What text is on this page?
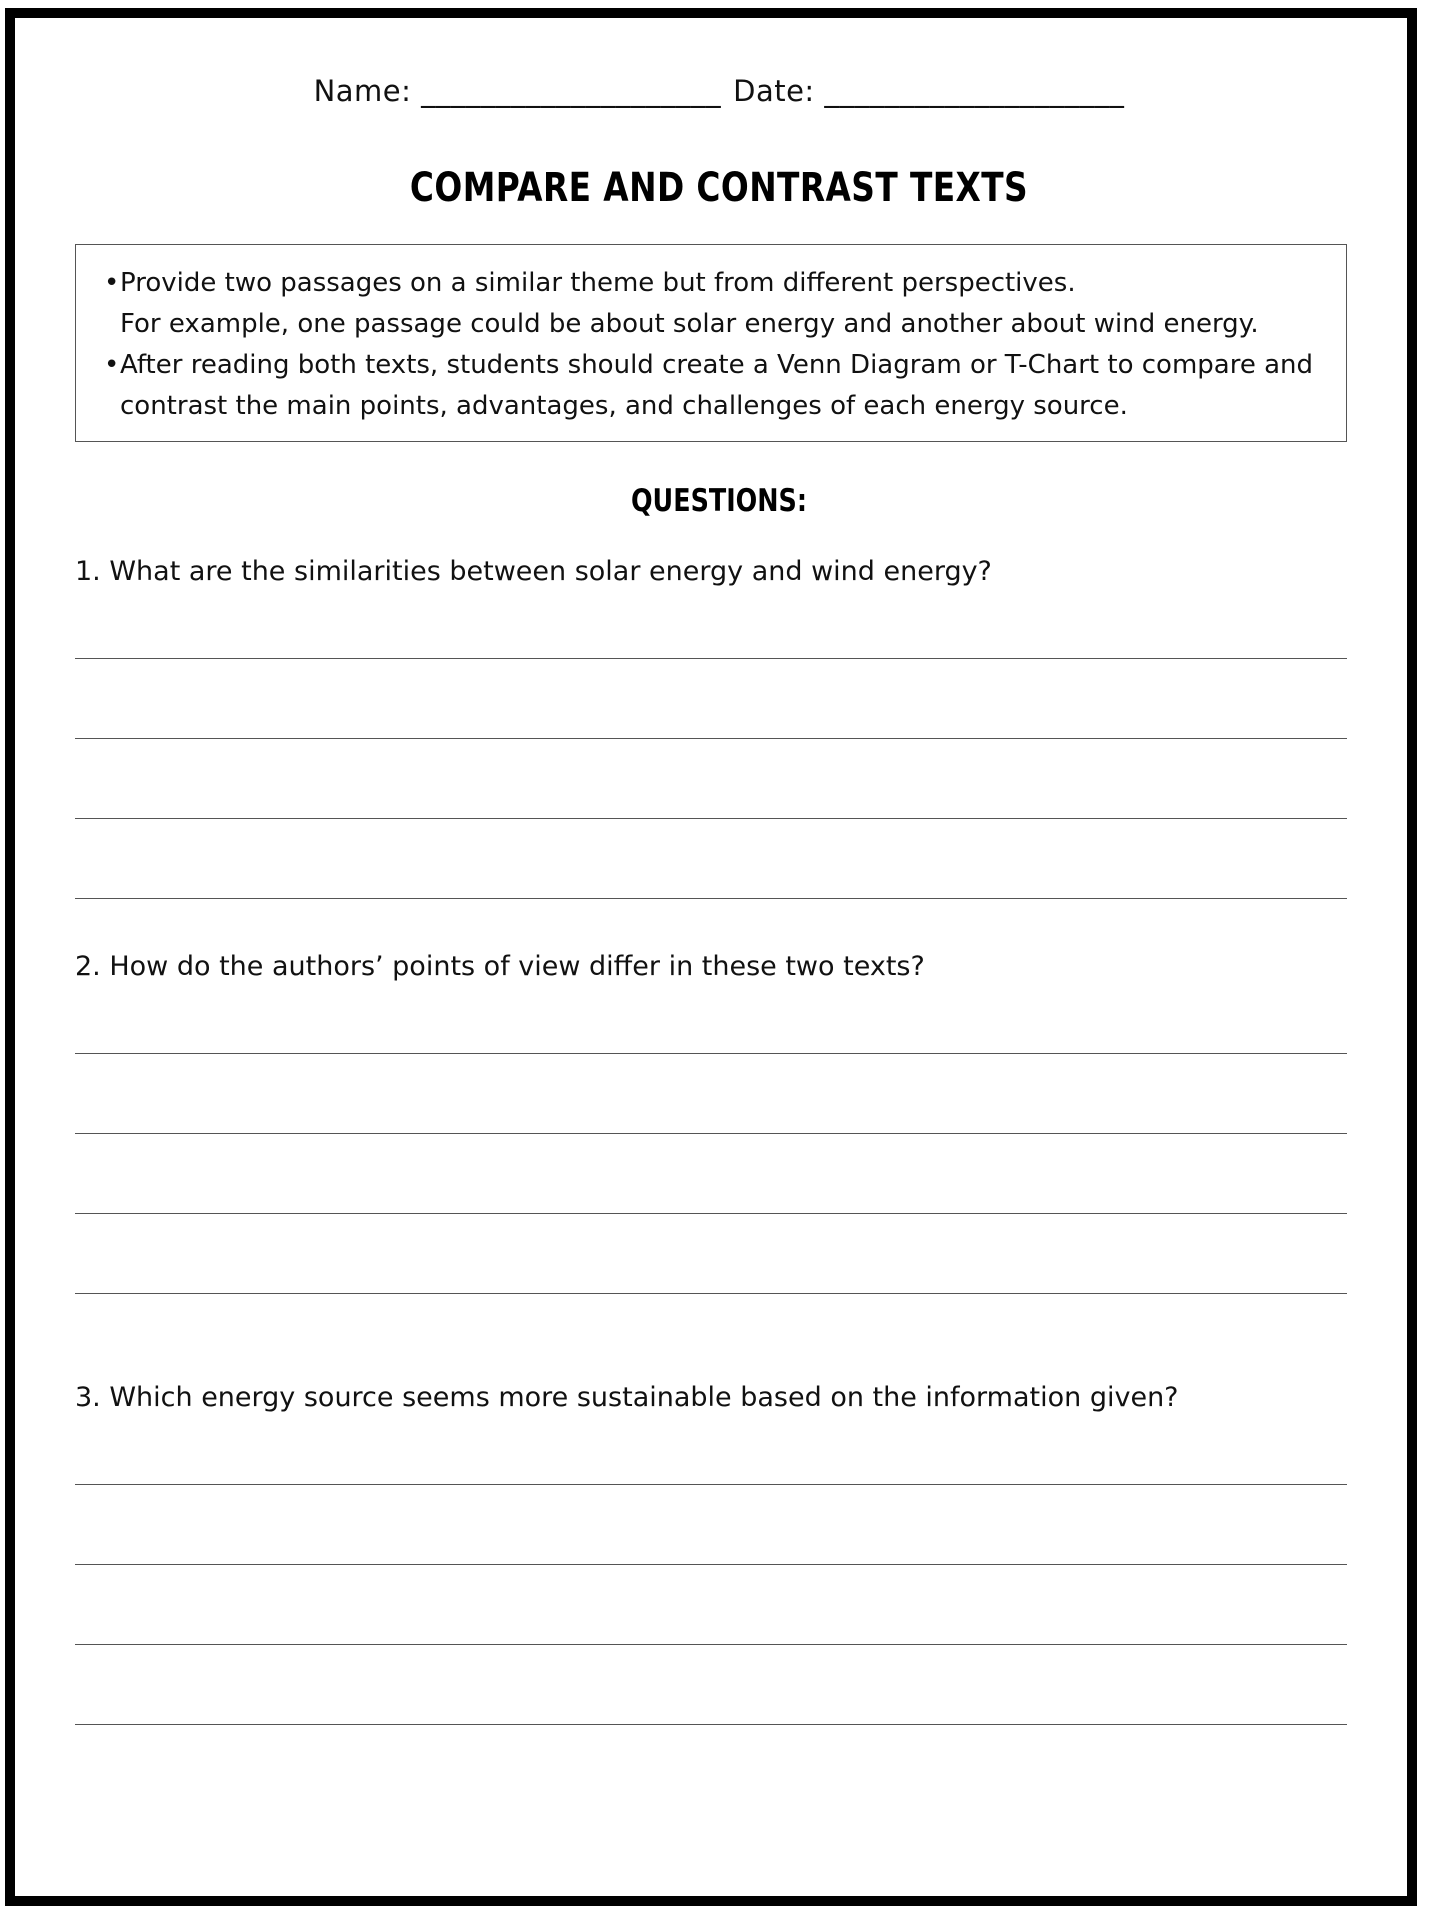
Name: ____________________ Date: ____________________
COMPARE AND CONTRAST TEXTS
• Provide two passages on a similar theme but from different perspectives.
For example, one passage could be about solar energy and another about wind energy.
• After reading both texts, students should create a Venn Diagram or T-Chart to compare and
contrast the main points, advantages, and challenges of each energy source.
QUESTIONS:
1. What are the similarities between solar energy and wind energy?
2. How do the authors’ points of view differ in these two texts?
3. Which energy source seems more sustainable based on the information given?
